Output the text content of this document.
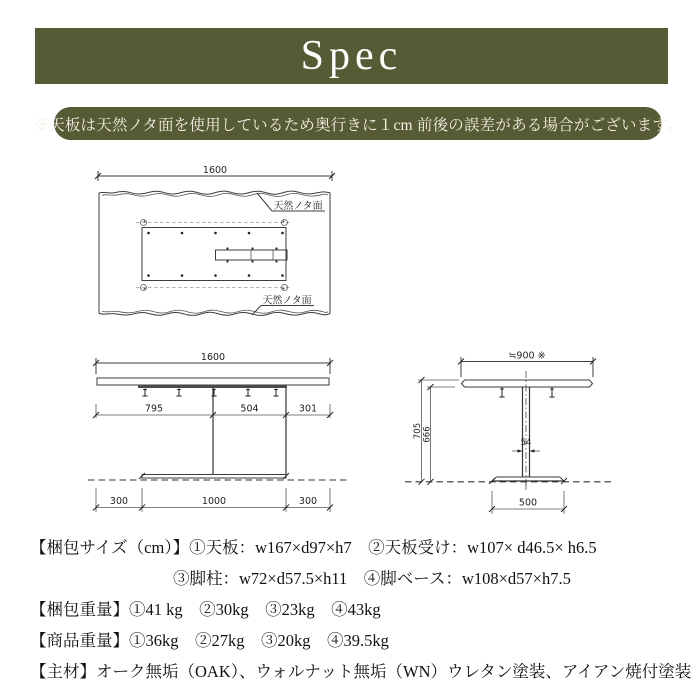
Spec
※天板は天然ノタ面を使用しているため奥行きに１cm 前後の誤差がある場合がございます。
1600
天然ノタ面
天然ノタ面
1600
795	504	301
300	1000	300
≒900 ※
54
500
705 666
【梱包サイズ（cm）】①天板：w167×d97×h7　②天板受け：w107× d46.5× h6.5
③脚柱：w72×d57.5×h11　④脚ベース：w108×d57×h7.5
【梱包重量】①41 kg　②30kg　③23kg　④43kg
【商品重量】①36kg　②27kg　③20kg　④39.5kg
【主材】オーク無垢（OAK）、ウォルナット無垢（WN）ウレタン塗装、アイアン焼付塗装
